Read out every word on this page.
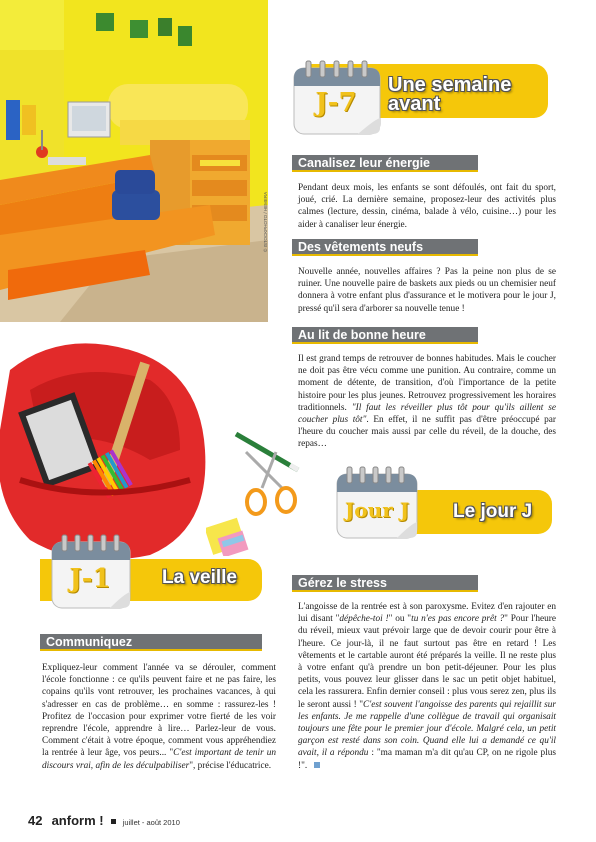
© ISTOCKPHOTO / HEMERA
Une semaine avant
J-7
Canalisez leur énergie

Pendant deux mois, les enfants se sont défoulés, ont fait du sport, joué, crié. La dernière semaine, proposez-leur des activités plus calmes (lecture, dessin, cinéma, balade à vélo, cuisine…) pour les aider à canaliser leur énergie.

Des vêtements neufs

Nouvelle année, nouvelles affaires ? Pas la peine non plus de se ruiner. Une nouvelle paire de baskets aux pieds ou un chemisier neuf donnera à votre enfant plus d'assurance et le motivera pour le jour J, pressé qu'il sera d'arborer sa nouvelle tenue !

Au lit de bonne heure

Il est grand temps de retrouver de bonnes habitudes. Mais le coucher ne doit pas être vécu comme une punition. Au contraire, comme un moment de détente, de transition, d'où l'importance de la petite histoire pour les plus jeunes. Retrouvez progressivement les horaires traditionnels. "Il faut les réveiller plus tôt pour qu'ils aillent se coucher plus tôt". En effet, il ne suffit pas d'être préoccupé par l'heure du coucher mais aussi par celle du réveil, de la douche, des repas…

Le jour J
Jour J
Gérez le stress

L'angoisse de la rentrée est à son paroxysme. Evitez d'en rajouter en lui disant "dépêche-toi !" ou "tu n'es pas encore prêt ?" Pour l'heure du réveil, mieux vaut prévoir large que de devoir courir pour être à l'heure. Ce jour-là, il ne faut surtout pas être en retard ! Les vêtements et le cartable auront été préparés la veille. Il ne reste plus à votre enfant qu'à prendre un bon petit-déjeuner. Pour les plus petits, vous pouvez leur glisser dans le sac un petit objet habituel, cela les rassurera. Enfin dernier conseil : plus vous serez zen, plus ils le seront aussi ! "C'est souvent l'angoisse des parents qui rejaillit sur les enfants. Je me rappelle d'une collègue de travail qui organisait toujours une fête pour le premier jour d'école. Malgré cela, un petit garçon est resté dans son coin. Quand elle lui a demandé ce qu'il avait, il a répondu : "ma maman m'a dit qu'au CP, on ne rigole plus !".

La veille
J-1
Communiquez

Expliquez-leur comment l'année va se dérouler, comment l'école fonctionne : ce qu'ils peuvent faire et ne pas faire, les copains qu'ils vont retrouver, les prochaines vacances, à qui s'adresser en cas de problème… en somme : rassurez-les ! Profitez de l'occasion pour exprimer votre fierté de les voir reprendre l'école, apprendre à lire… Parlez-leur de vous. Comment c'était à votre époque, comment vous appréhendiez la rentrée à leur âge, vos peurs... "C'est important de tenir un discours vrai, afin de les déculpabiliser", précise l'éducatrice.

42 anform !	juillet - août 2010
